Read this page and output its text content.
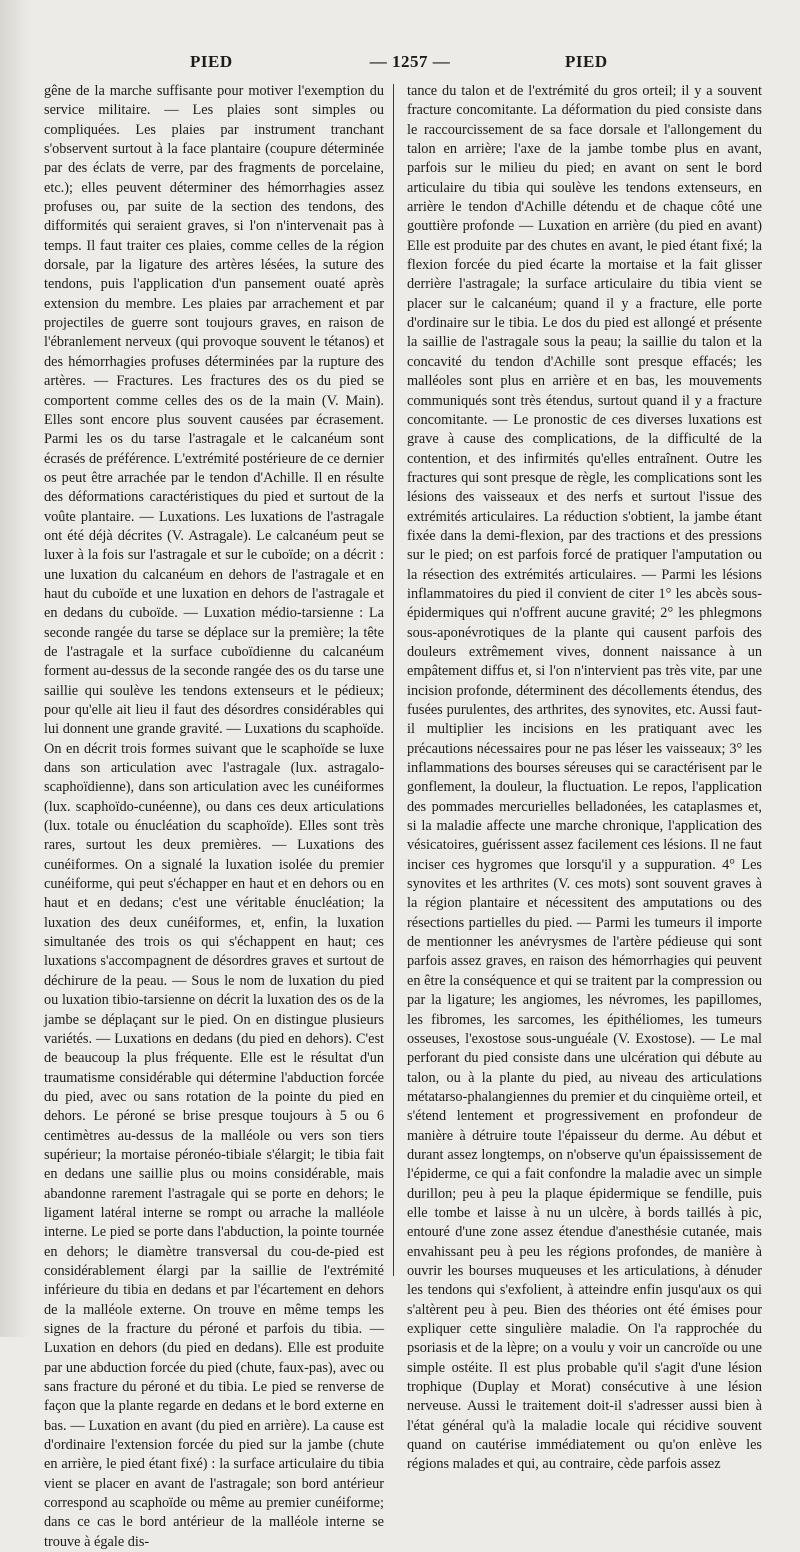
PIED	— 1257 —	PIED

gêne de la marche suffisante pour motiver l'exemption du service militaire. — Les plaies sont simples ou compliquées. Les plaies par instrument tranchant s'observent surtout à la face plantaire (coupure déterminée par des éclats de verre, par des fragments de porcelaine, etc.); elles peuvent déterminer des hémorrhagies assez profuses ou, par suite de la section des tendons, des difformités qui seraient graves, si l'on n'intervenait pas à temps. Il faut traiter ces plaies, comme celles de la région dorsale, par la ligature des artères lésées, la suture des tendons, puis l'application d'un pansement ouaté après extension du membre. Les plaies par arrachement et par projectiles de guerre sont toujours graves, en raison de l'ébranlement nerveux (qui provoque souvent le tétanos) et des hémorrhagies profuses déterminées par la rupture des artères. — Fractures. Les fractures des os du pied se comportent comme celles des os de la main (V. Main). Elles sont encore plus souvent causées par écrasement. Parmi les os du tarse l'astragale et le calcanéum sont écrasés de préférence. L'extrémité postérieure de ce dernier os peut être arrachée par le tendon d'Achille. Il en résulte des déformations caractéristiques du pied et surtout de la voûte plantaire. — Luxations. Les luxations de l'astragale ont été déjà décrites (V. Astragale). Le calcanéum peut se luxer à la fois sur l'astragale et sur le cuboïde; on a décrit : une luxation du calcanéum en dehors de l'astragale et en haut du cuboïde et une luxation en dehors de l'astragale et en dedans du cuboïde. — Luxation médio-tarsienne : La seconde rangée du tarse se déplace sur la première; la tête de l'astragale et la surface cuboïdienne du calcanéum forment au-dessus de la seconde rangée des os du tarse une saillie qui soulève les tendons extenseurs et le pédieux; pour qu'elle ait lieu il faut des désordres considérables qui lui donnent une grande gravité. — Luxations du scaphoïde. On en décrit trois formes suivant que le scaphoïde se luxe dans son articulation avec l'astragale (lux. astragalo-scaphoïdienne), dans son articulation avec les cunéiformes (lux. scaphoïdo-cunéenne), ou dans ces deux articulations (lux. totale ou énucléation du scaphoïde). Elles sont très rares, surtout les deux premières. — Luxations des cunéiformes. On a signalé la luxation isolée du premier cunéiforme, qui peut s'échapper en haut et en dehors ou en haut et en dedans; c'est une véritable énucléation; la luxation des deux cunéiformes, et, enfin, la luxation simultanée des trois os qui s'échappent en haut; ces luxations s'accompagnent de désordres graves et surtout de déchirure de la peau. — Sous le nom de luxation du pied ou luxation tibio-tarsienne on décrit la luxation des os de la jambe se déplaçant sur le pied. On en distingue plusieurs variétés. — Luxations en dedans (du pied en dehors). C'est de beaucoup la plus fréquente. Elle est le résultat d'un traumatisme considérable qui détermine l'abduction forcée du pied, avec ou sans rotation de la pointe du pied en dehors. Le péroné se brise presque toujours à 5 ou 6 centimètres au-dessus de la malléole ou vers son tiers supérieur; la mortaise péronéo-tibiale s'élargit; le tibia fait en dedans une saillie plus ou moins considérable, mais abandonne rarement l'astragale qui se porte en dehors; le ligament latéral interne se rompt ou arrache la malléole interne. Le pied se porte dans l'abduction, la pointe tournée en dehors; le diamètre transversal du cou-de-pied est considérablement élargi par la saillie de l'extrémité inférieure du tibia en dedans et par l'écartement en dehors de la malléole externe. On trouve en même temps les signes de la fracture du péroné et parfois du tibia. — Luxation en dehors (du pied en dedans). Elle est produite par une abduction forcée du pied (chute, faux-pas), avec ou sans fracture du péroné et du tibia. Le pied se renverse de façon que la plante regarde en dedans et le bord externe en bas. — Luxation en avant (du pied en arrière). La cause est d'ordinaire l'extension forcée du pied sur la jambe (chute en arrière, le pied étant fixé) : la surface articulaire du tibia vient se placer en avant de l'astragale; son bord antérieur correspond au scaphoïde ou même au premier cunéiforme; dans ce cas le bord antérieur de la malléole interne se trouve à égale dis-

tance du talon et de l'extrémité du gros orteil; il y a souvent fracture concomitante. La déformation du pied consiste dans le raccourcissement de sa face dorsale et l'allongement du talon en arrière; l'axe de la jambe tombe plus en avant, parfois sur le milieu du pied; en avant on sent le bord articulaire du tibia qui soulève les tendons extenseurs, en arrière le tendon d'Achille détendu et de chaque côté une gouttière profonde — Luxation en arrière (du pied en avant) Elle est produite par des chutes en avant, le pied étant fixé; la flexion forcée du pied écarte la mortaise et la fait glisser derrière l'astragale; la surface articulaire du tibia vient se placer sur le calcanéum; quand il y a fracture, elle porte d'ordinaire sur le tibia. Le dos du pied est allongé et présente la saillie de l'astragale sous la peau; la saillie du talon et la concavité du tendon d'Achille sont presque effacés; les malléoles sont plus en arrière et en bas, les mouvements communiqués sont très étendus, surtout quand il y a fracture concomitante. — Le pronostic de ces diverses luxations est grave à cause des complications, de la difficulté de la contention, et des infirmités qu'elles entraînent. Outre les fractures qui sont presque de règle, les complications sont les lésions des vaisseaux et des nerfs et surtout l'issue des extrémités articulaires. La réduction s'obtient, la jambe étant fixée dans la demi-flexion, par des tractions et des pressions sur le pied; on est parfois forcé de pratiquer l'amputation ou la résection des extrémités articulaires. — Parmi les lésions inflammatoires du pied il convient de citer 1° les abcès sous-épidermiques qui n'offrent aucune gravité; 2° les phlegmons sous-aponévrotiques de la plante qui causent parfois des douleurs extrêmement vives, donnent naissance à un empâtement diffus et, si l'on n'intervient pas très vite, par une incision profonde, déterminent des décollements étendus, des fusées purulentes, des arthrites, des synovites, etc. Aussi faut-il multiplier les incisions en les pratiquant avec les précautions nécessaires pour ne pas léser les vaisseaux; 3° les inflammations des bourses séreuses qui se caractérisent par le gonflement, la douleur, la fluctuation. Le repos, l'application des pommades mercurielles belladonées, les cataplasmes et, si la maladie affecte une marche chronique, l'application des vésicatoires, guérissent assez facilement ces lésions. Il ne faut inciser ces hygromes que lorsqu'il y a suppuration. 4° Les synovites et les arthrites (V. ces mots) sont souvent graves à la région plantaire et nécessitent des amputations ou des résections partielles du pied. — Parmi les tumeurs il importe de mentionner les anévrysmes de l'artère pédieuse qui sont parfois assez graves, en raison des hémorrhagies qui peuvent en être la conséquence et qui se traitent par la compression ou par la ligature; les angiomes, les névromes, les papillomes, les fibromes, les sarcomes, les épithéliomes, les tumeurs osseuses, l'exostose sous-unguéale (V. Exostose). — Le mal perforant du pied consiste dans une ulcération qui débute au talon, ou à la plante du pied, au niveau des articulations métatarso-phalangiennes du premier et du cinquième orteil, et s'étend lentement et progressivement en profondeur de manière à détruire toute l'épaisseur du derme. Au début et durant assez longtemps, on n'observe qu'un épaississement de l'épiderme, ce qui a fait confondre la maladie avec un simple durillon; peu à peu la plaque épidermique se fendille, puis elle tombe et laisse à nu un ulcère, à bords taillés à pic, entouré d'une zone assez étendue d'anesthésie cutanée, mais envahissant peu à peu les régions profondes, de manière à ouvrir les bourses muqueuses et les articulations, à dénuder les tendons qui s'exfolient, à atteindre enfin jusqu'aux os qui s'altèrent peu à peu. Bien des théories ont été émises pour expliquer cette singulière maladie. On l'a rapprochée du psoriasis et de la lèpre; on a voulu y voir un cancroïde ou une simple ostéite. Il est plus probable qu'il s'agit d'une lésion trophique (Duplay et Morat) consécutive à une lésion nerveuse. Aussi le traitement doit-il s'adresser aussi bien à l'état général qu'à la maladie locale qui récidive souvent quand on cautérise immédiatement ou qu'on enlève les régions malades et qui, au contraire, cède parfois assez
